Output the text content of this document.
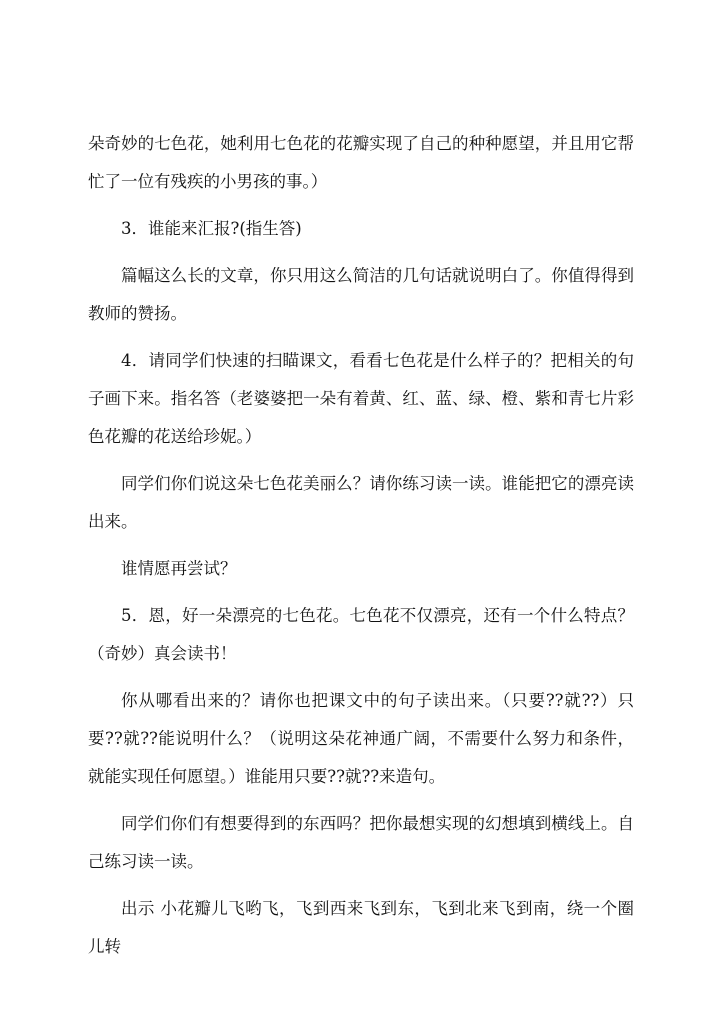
朵奇妙的七色花，她利用七色花的花瓣实现了自己的种种愿望，并且用它帮忙了一位有残疾的小男孩的事。）

3．谁能来汇报?(指生答)

篇幅这么长的文章，你只用这么简洁的几句话就说明白了。你值得得到教师的赞扬。

4．请同学们快速的扫瞄课文，看看七色花是什么样子的？把相关的句子画下来。指名答（老婆婆把一朵有着黄、红、蓝、绿、橙、紫和青七片彩色花瓣的花送给珍妮。）

同学们你们说这朵七色花美丽么？请你练习读一读。谁能把它的漂亮读出来。

谁情愿再尝试？

5．恩，好一朵漂亮的七色花。七色花不仅漂亮，还有一个什么特点？（奇妙）真会读书！

你从哪看出来的？请你也把课文中的句子读出来。（只要??就??）只要??就??能说明什么？（说明这朵花神通广阔，不需要什么努力和条件，就能实现任何愿望。）谁能用只要??就??来造句。

同学们你们有想要得到的东西吗？把你最想实现的幻想填到横线上。自己练习读一读。

出示 小花瓣儿飞哟飞，飞到西来飞到东，飞到北来飞到南，绕一个圈儿转
